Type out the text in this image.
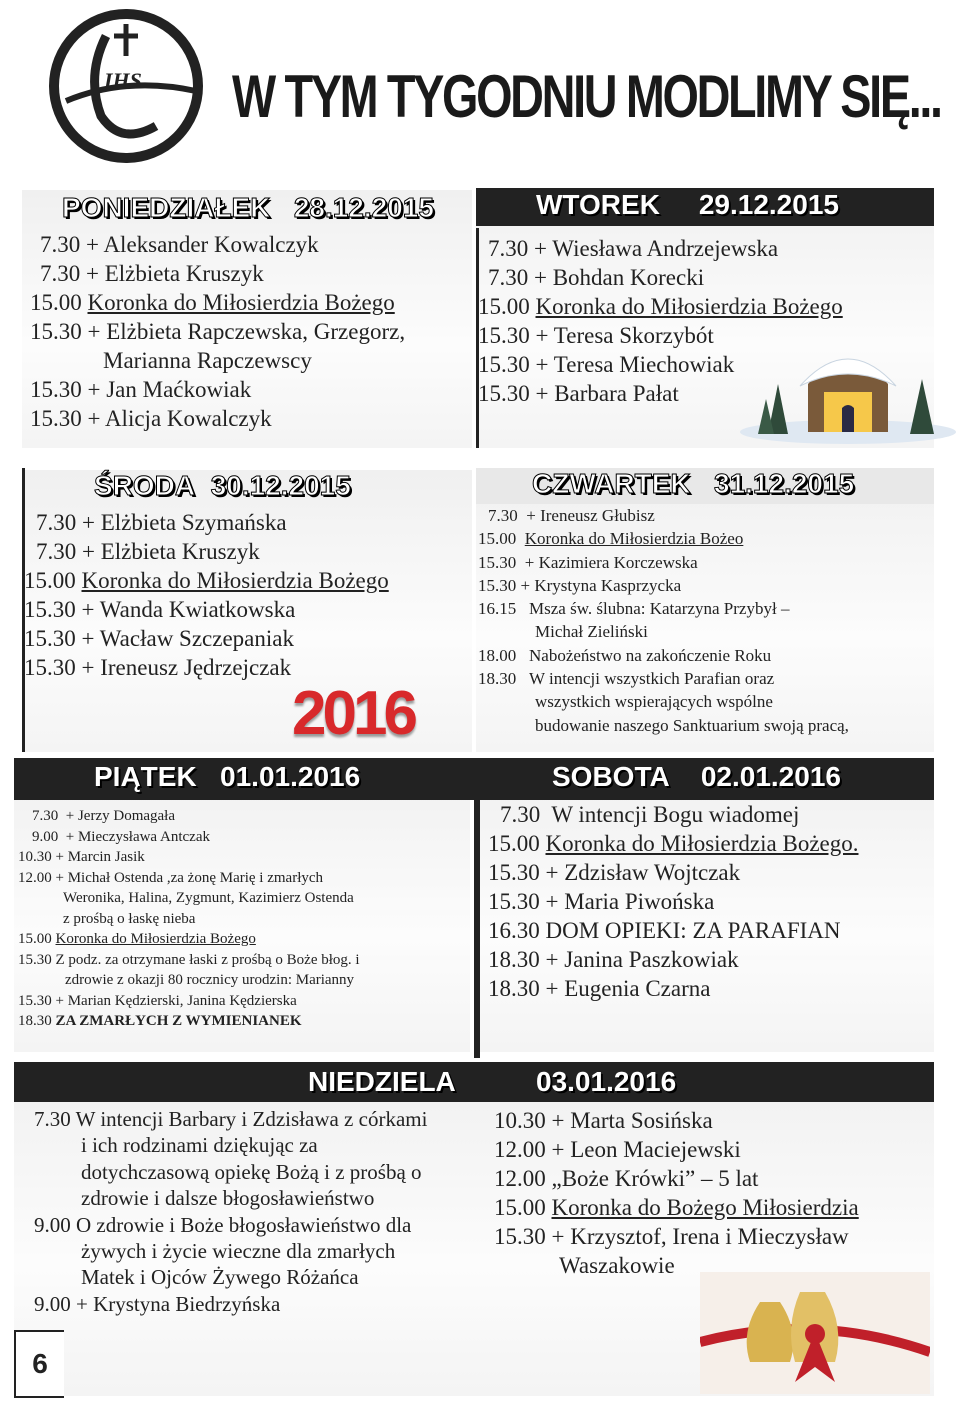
IHS W TYM TYGODNIU MODLIMY SIĘ...
PONIEDZIAŁEK 28.12.2015	WTOREK 29.12.2015
ŚRODA 30.12.2015	CZWARTEK 31.12.2015
PIĄTEK 01.01.2016	SOBOTA 02.01.2016
NIEDZIELA	03.01.2016
7.30 + Aleksander Kowalczyk
7.30 + Elżbieta Kruszyk
15.00 Koronka do Miłosierdzia Bożego
15.30 + Elżbieta Rapczewska, Grzegorz,
Marianna Rapczewscy
15.30 + Jan Maćkowiak
15.30 + Alicja Kowalczyk
7.30 + Wiesława Andrzejewska
7.30 + Bohdan Korecki
15.00 Koronka do Miłosierdzia Bożego
15.30 + Teresa Skorzybót
15.30 + Teresa Miechowiak
15.30 + Barbara Pałat
7.30 + Elżbieta Szymańska
7.30 + Elżbieta Kruszyk
15.00 Koronka do Miłosierdzia Bożego
15.30 + Wanda Kwiatkowska
15.30 + Wacław Szczepaniak
15.30 + Ireneusz Jędrzejczak
2016
7.30 + Ireneusz Głubisz
15.00 Koronka do Miłosierdzia Bożeo
15.30 + Kazimiera Korczewska
15.30 + Krystyna Kasprzycka
16.15 Msza św. ślubna: Katarzyna Przybył –
Michał Zieliński
18.00 Nabożeństwo na zakończenie Roku
18.30 W intencji wszystkich Parafian oraz
wszystkich wspierających wspólne
budowanie naszego Sanktuarium swoją pracą,
7.30 + Jerzy Domagała
9.00 + Mieczysława Antczak
10.30 + Marcin Jasik
12.00 + Michał Ostenda ,za żonę Marię i zmarłych
Weronika, Halina, Zygmunt, Kazimierz Ostenda
z prośbą o łaskę nieba
15.00 Koronka do Miłosierdzia Bożego
15.30 Z podz. za otrzymane łaski z prośbą o Boże błog. i
zdrowie z okazji 80 rocznicy urodzin: Marianny
15.30 + Marian Kędzierski, Janina Kędzierska
18.30 ZA ZMARŁYCH Z WYMIENIANEK
7.30 W intencji Bogu wiadomej
15.00 Koronka do Miłosierdzia Bożego.
15.30 + Zdzisław Wojtczak
15.30 + Maria Piwońska
16.30 DOM OPIEKI: ZA PARAFIAN
18.30 + Janina Paszkowiak
18.30 + Eugenia Czarna
7.30 W intencji Barbary i Zdzisława z córkami
i ich rodzinami dziękując za
dotychczasową opiekę Bożą i z prośbą o
zdrowie i dalsze błogosławieństwo
9.00 O zdrowie i Boże błogosławieństwo dla
żywych i życie wieczne dla zmarłych
Matek i Ojców Żywego Różańca
9.00 + Krystyna Biedrzyńska
10.30 + Marta Sosińska
12.00 + Leon Maciejewski
12.00 „Boże Krówki” – 5 lat
15.00 Koronka do Bożego Miłosierdzia
15.30 + Krzysztof, Irena i Mieczysław
Waszakowie
6
